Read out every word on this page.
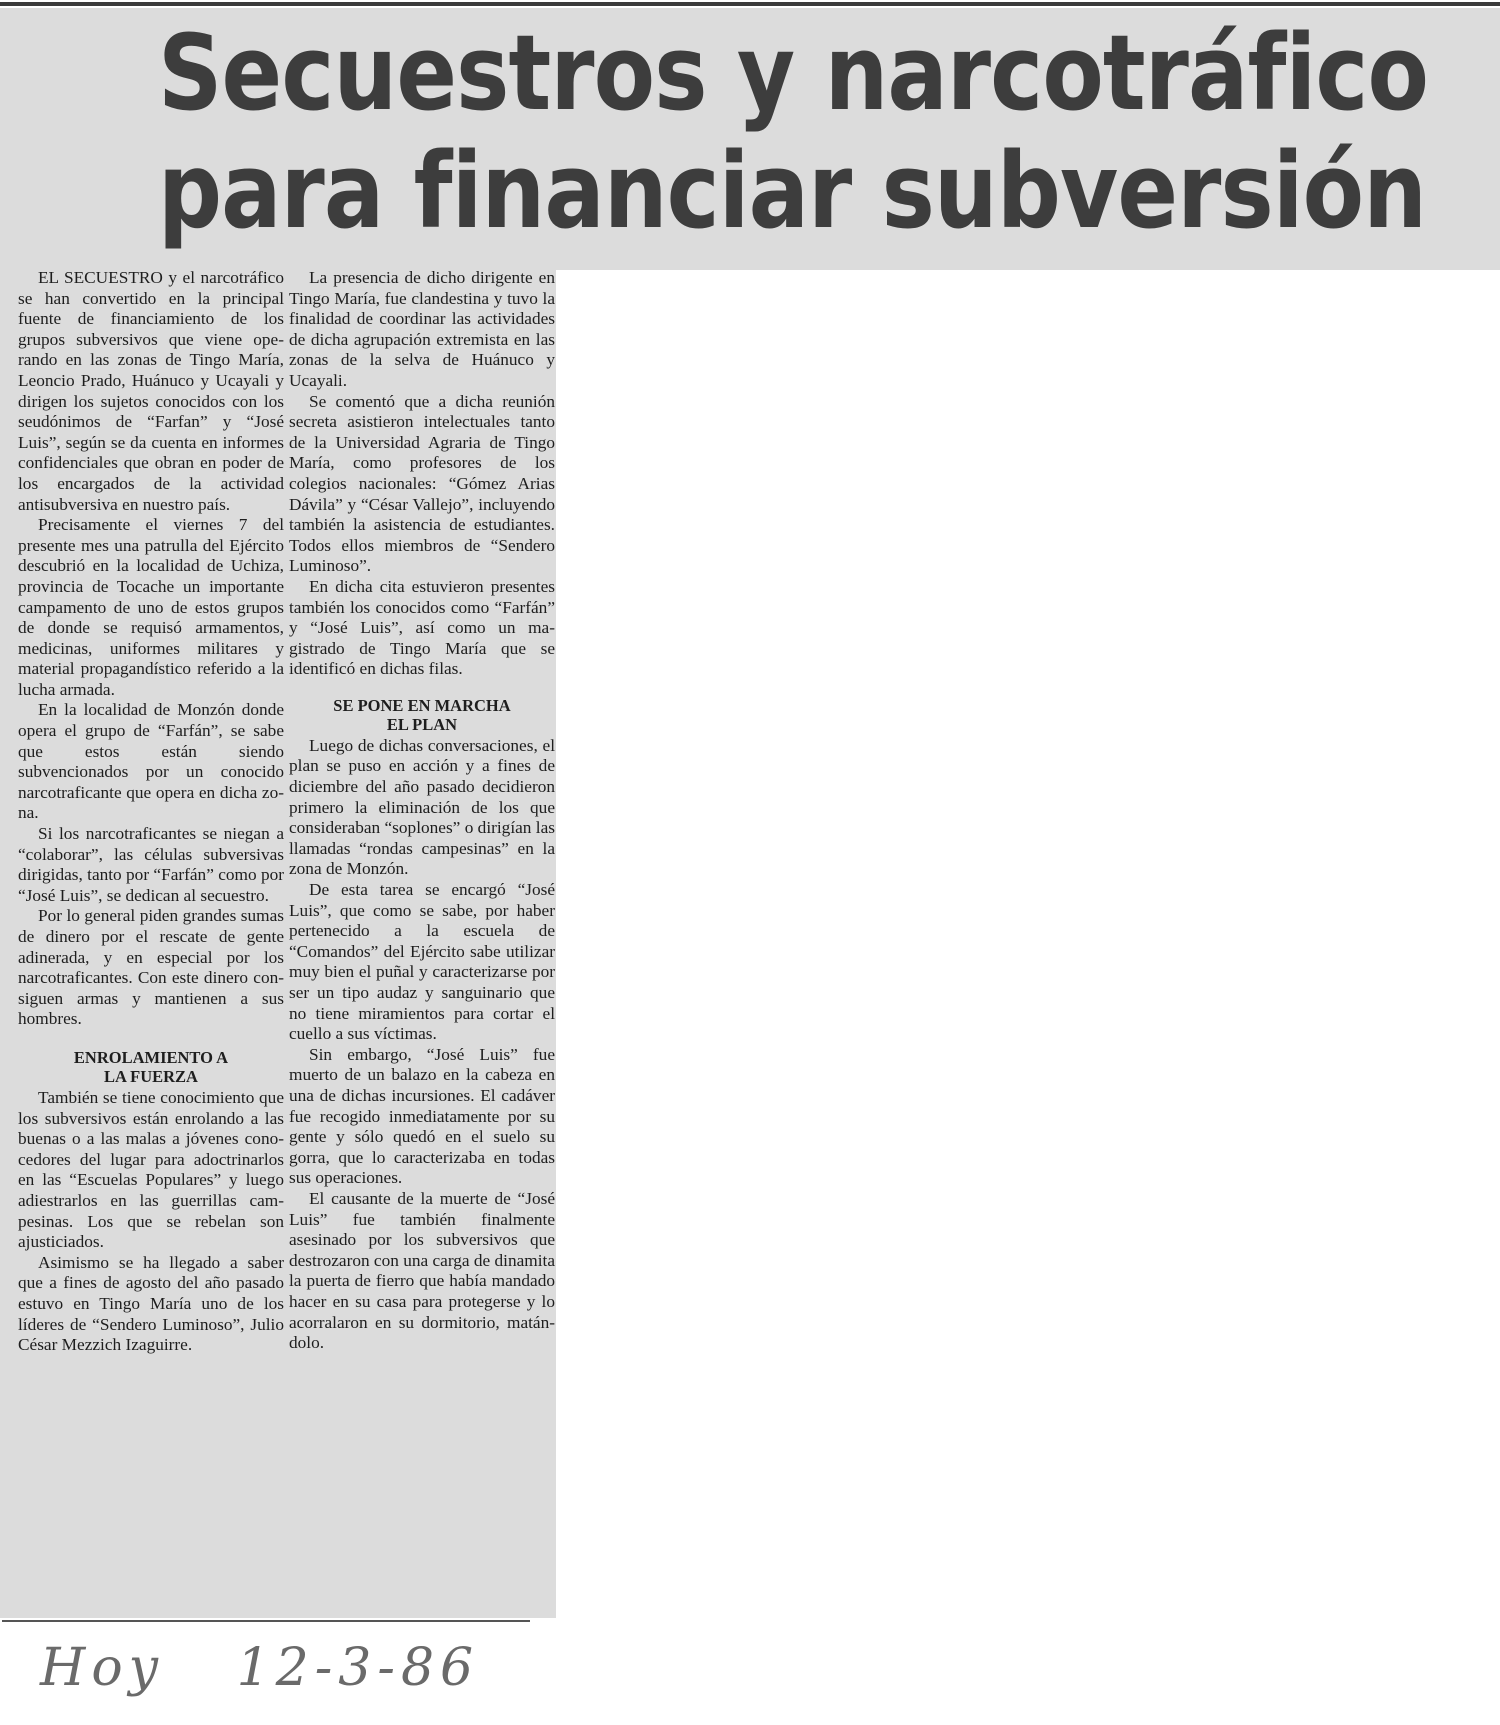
Secuestros y narcotráfico
para financiar subversión

EL SECUESTRO y el narcotráfico se han convertido en la principal fuente de financiamiento de los grupos subversivos que viene operando en las zonas de Tingo María, Leoncio Prado, Huánuco y Ucayali y dirigen los sujetos conocidos con los seudónimos de “Farfan” y “José Luis”, según se da cuenta en informes confidenciales que obran en poder de los encargados de la actividad antisubversiva en nuestro país.

Precisamente el viernes 7 del presente mes una patrulla del Ejército descubrió en la localidad de Uchiza, provincia de Tocache un importante campamento de uno de estos grupos de donde se requisó armamentos, medicinas, uniformes militares y material propagandístico referido a la lucha armada.

En la localidad de Monzón donde opera el grupo de “Farfán”, se sabe que estos están siendo subvencionados por un conocido narcotraficante que opera en dicha zona.

Si los narcotraficantes se niegan a “colaborar”, las células subversivas dirigidas, tanto por “Farfán” como por “José Luis”, se dedican al secuestro.

Por lo general piden grandes sumas de dinero por el rescate de gente adinerada, y en especial por los narcotraficantes. Con este dinero consiguen armas y mantienen a sus hombres.

ENROLAMIENTO A
LA FUERZA

También se tiene conocimiento que los subversivos están enrolando a las buenas o a las malas a jóvenes conocedores del lugar para adoctrinarlos en las “Escuelas Populares” y luego adiestrarlos en las guerrillas campesinas. Los que se rebelan son ajusticiados.

Asimismo se ha llegado a saber que a fines de agosto del año pasado estuvo en Tingo María uno de los líderes de “Sendero Luminoso”, Julio César Mezzich Izaguirre.

La presencia de dicho dirigente en Tingo María, fue clandestina y tuvo la finalidad de coordinar las actividades de dicha agrupación extremista en las zonas de la selva de Huánuco y Ucayali.

Se comentó que a dicha reunión secreta asistieron intelectuales tanto de la Universidad Agraria de Tingo María, como profesores de los colegios nacionales: “Gómez Arias Dávila” y “César Vallejo”, incluyendo también la asistencia de estudiantes. Todos ellos miembros de “Sendero Luminoso”.

En dicha cita estuvieron presentes también los conocidos como “Farfán” y “José Luis”, así como un magistrado de Tingo María que se identificó en dichas filas.

SE PONE EN MARCHA
EL PLAN

Luego de dichas conversaciones, el plan se puso en acción y a fines de diciembre del año pasado decidieron primero la eliminación de los que consideraban “soplones” o dirigían las llamadas “rondas campesinas” en la zona de Monzón.

De esta tarea se encargó “José Luis”, que como se sabe, por haber pertenecido a la escuela de “Comandos” del Ejército sabe utilizar muy bien el puñal y caracterizarse por ser un tipo audaz y sanguinario que no tiene miramientos para cortar el cuello a sus víctimas.

Sin embargo, “José Luis” fue muerto de un balazo en la cabeza en una de dichas incursiones. El cadáver fue recogido inmediatamente por su gente y sólo quedó en el suelo su gorra, que lo caracterizaba en todas sus operaciones.

El causante de la muerte de “José Luis” fue también finalmente asesinado por los subversivos que destrozaron con una carga de dinamita la puerta de fierro que había mandado hacer en su casa para protegerse y lo acorralaron en su dormitorio, matándolo.

Hoy 12-3-86
